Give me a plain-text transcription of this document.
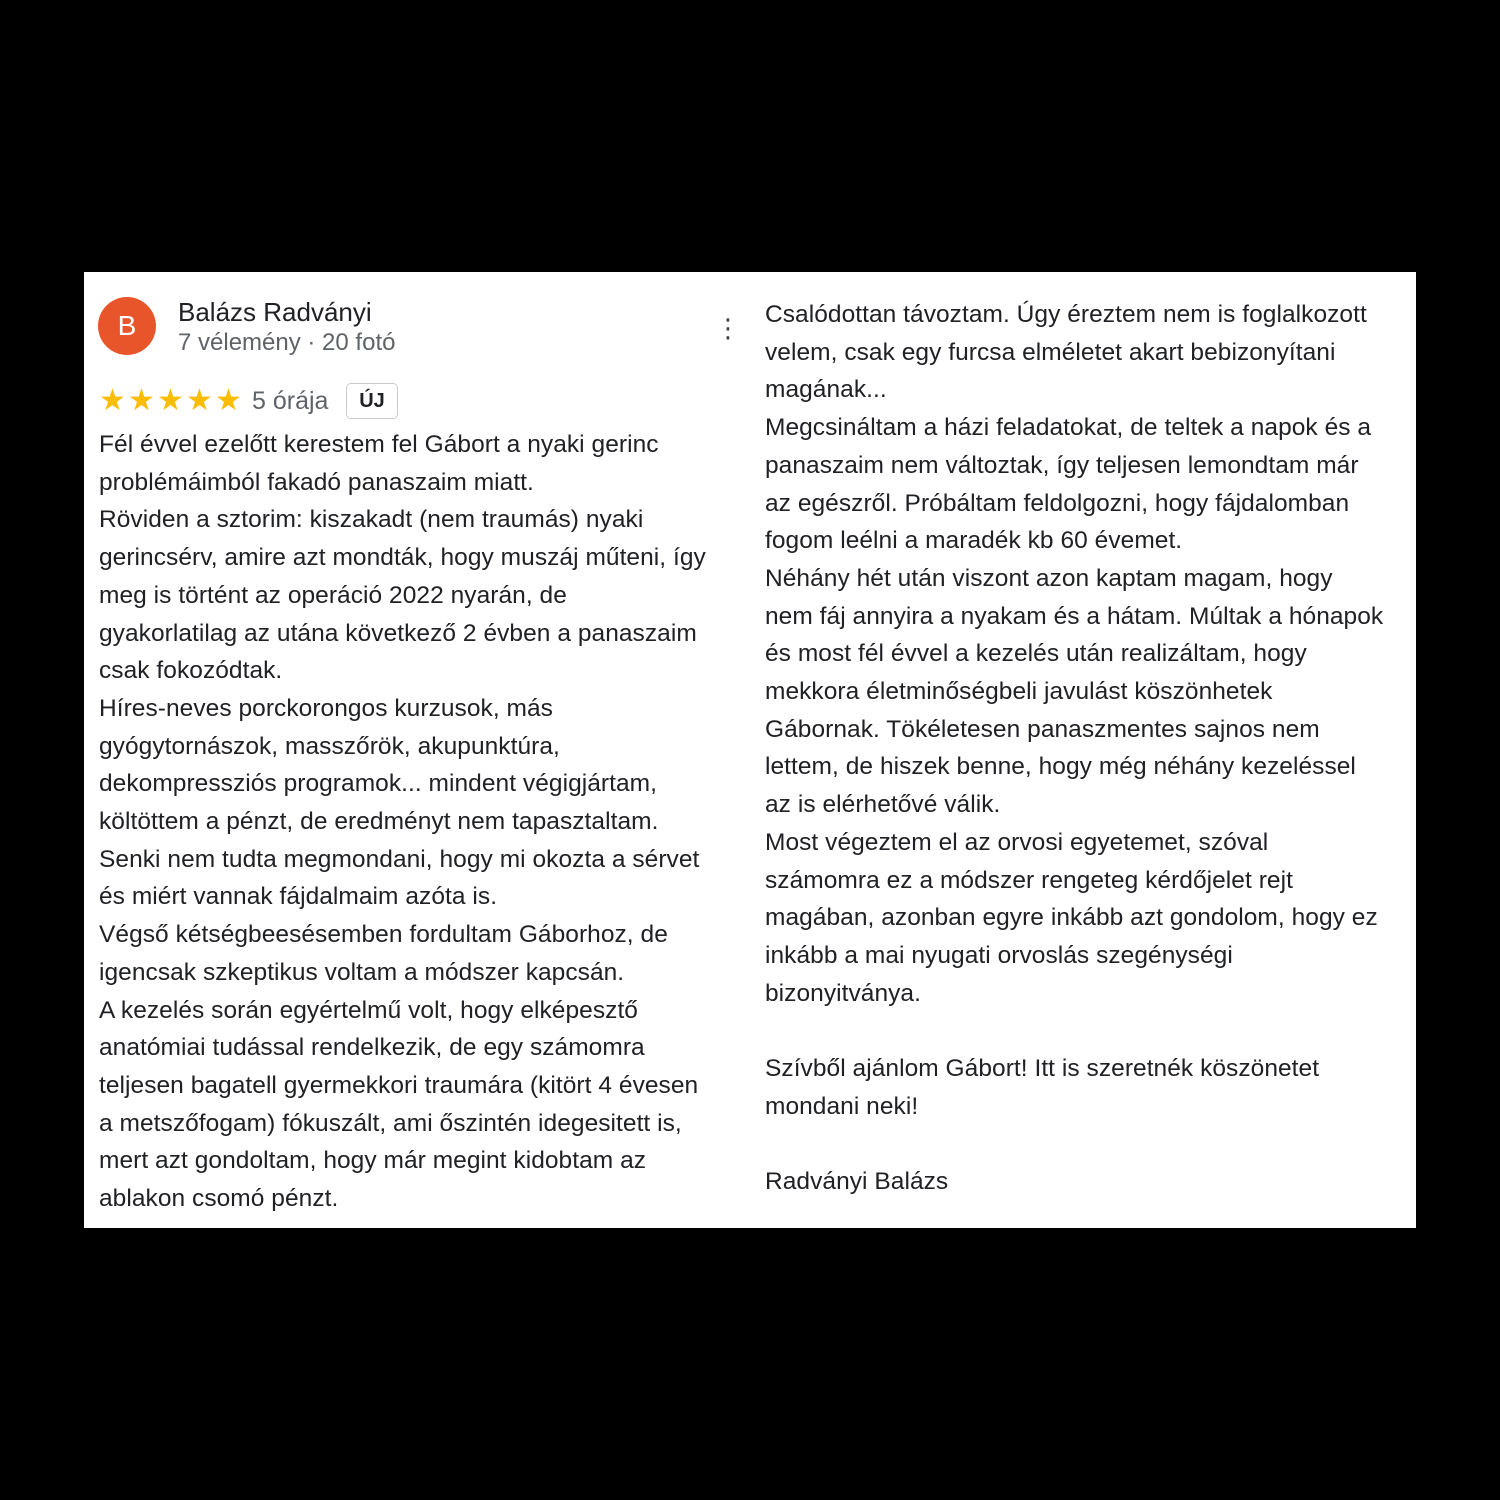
B	Balázs Radványi
7 vélemény · 20 fotó	⋮
★ ★ ★ ★ ★ 5 órája	ÚJ
Fél évvel ezelőtt kerestem fel Gábort a nyaki gerinc
problémáimból fakadó panaszaim miatt.
Röviden a sztorim: kiszakadt (nem traumás) nyaki
gerincsérv, amire azt mondták, hogy muszáj műteni, így
meg is történt az operáció 2022 nyarán, de
gyakorlatilag az utána következő 2 évben a panaszaim
csak fokozódtak.
Híres-neves porckorongos kurzusok, más
gyógytornászok, masszőrök, akupunktúra,
dekompressziós programok... mindent végigjártam,
költöttem a pénzt, de eredményt nem tapasztaltam.
Senki nem tudta megmondani, hogy mi okozta a sérvet
és miért vannak fájdalmaim azóta is.
Végső kétségbeesésemben fordultam Gáborhoz, de
igencsak szkeptikus voltam a módszer kapcsán.
A kezelés során egyértelmű volt, hogy elképesztő
anatómiai tudással rendelkezik, de egy számomra
teljesen bagatell gyermekkori traumára (kitört 4 évesen
a metszőfogam) fókuszált, ami őszintén idegesitett is,
mert azt gondoltam, hogy már megint kidobtam az
ablakon csomó pénzt.
Csalódottan távoztam. Úgy éreztem nem is foglalkozott
velem, csak egy furcsa elméletet akart bebizonyítani
magának...
Megcsináltam a házi feladatokat, de teltek a napok és a
panaszaim nem változtak, így teljesen lemondtam már
az egészről. Próbáltam feldolgozni, hogy fájdalomban
fogom leélni a maradék kb 60 évemet.
Néhány hét után viszont azon kaptam magam, hogy
nem fáj annyira a nyakam és a hátam. Múltak a hónapok
és most fél évvel a kezelés után realizáltam, hogy
mekkora életminőségbeli javulást köszönhetek
Gábornak. Tökéletesen panaszmentes sajnos nem
lettem, de hiszek benne, hogy még néhány kezeléssel
az is elérhetővé válik.
Most végeztem el az orvosi egyetemet, szóval
számomra ez a módszer rengeteg kérdőjelet rejt
magában, azonban egyre inkább azt gondolom, hogy ez
inkább a mai nyugati orvoslás szegénységi
bizonyitványa.
Szívből ajánlom Gábort! Itt is szeretnék köszönetet
mondani neki!
Radványi Balázs
